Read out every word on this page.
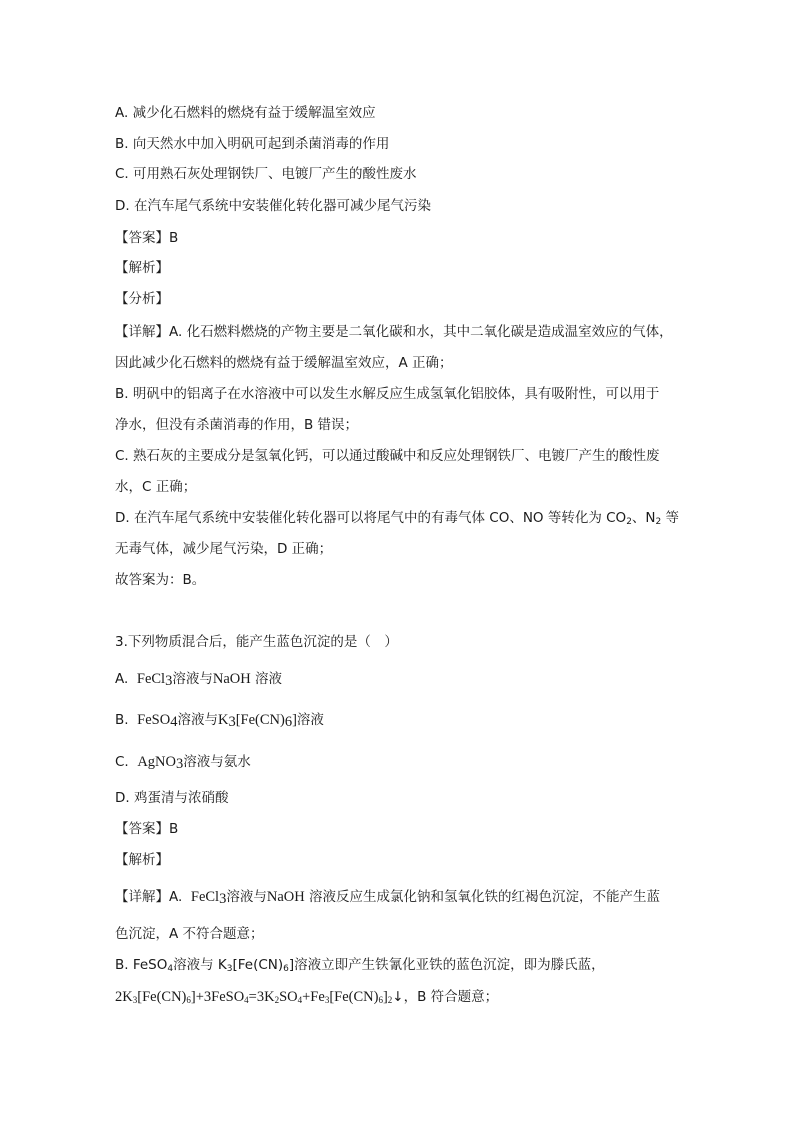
A. 减少化石燃料的燃烧有益于缓解温室效应
B. 向天然水中加入明矾可起到杀菌消毒的作用
C. 可用熟石灰处理钢铁厂、电镀厂产生的酸性废水
D. 在汽车尾气系统中安装催化转化器可减少尾气污染
【答案】B
【解析】
【分析】
【详解】A. 化石燃料燃烧的产物主要是二氧化碳和水，其中二氧化碳是造成温室效应的气体，
因此减少化石燃料的燃烧有益于缓解温室效应，A 正确；
B. 明矾中的铝离子在水溶液中可以发生水解反应生成氢氧化铝胶体，具有吸附性，可以用于
净水，但没有杀菌消毒的作用，B 错误；
C. 熟石灰的主要成分是氢氧化钙，可以通过酸碱中和反应处理钢铁厂、电镀厂产生的酸性废
水，C 正确；
D. 在汽车尾气系统中安装催化转化器可以将尾气中的有毒气体 CO、NO 等转化为 $CO_2$、$N_2$ 等
无毒气体，减少尾气污染，D 正确；
故答案为：B。
3.下列物质混合后，能产生蓝色沉淀的是（　）
A. FeCl$_3$溶液与NaOH 溶液
B. FeSO$_4$溶液与$K_3[Fe(CN)_6]$溶液
C. AgNO$_3$溶液与氨水
D. 鸡蛋清与浓硝酸
【答案】B
【解析】
【详解】A. FeCl$_3$溶液与NaOH 溶液反应生成氯化钠和氢氧化铁的红褐色沉淀，不能产生蓝
色沉淀，A 不符合题意；
B. FeSO$_4$溶液与 $K_3[Fe(CN)_6]$溶液立即产生铁氰化亚铁的蓝色沉淀，即为滕氏蓝，
$2K_3[Fe(CN)_6]+3FeSO_4=3K_2SO_4+Fe_3[Fe(CN)_6]_2↓$，B 符合题意；
